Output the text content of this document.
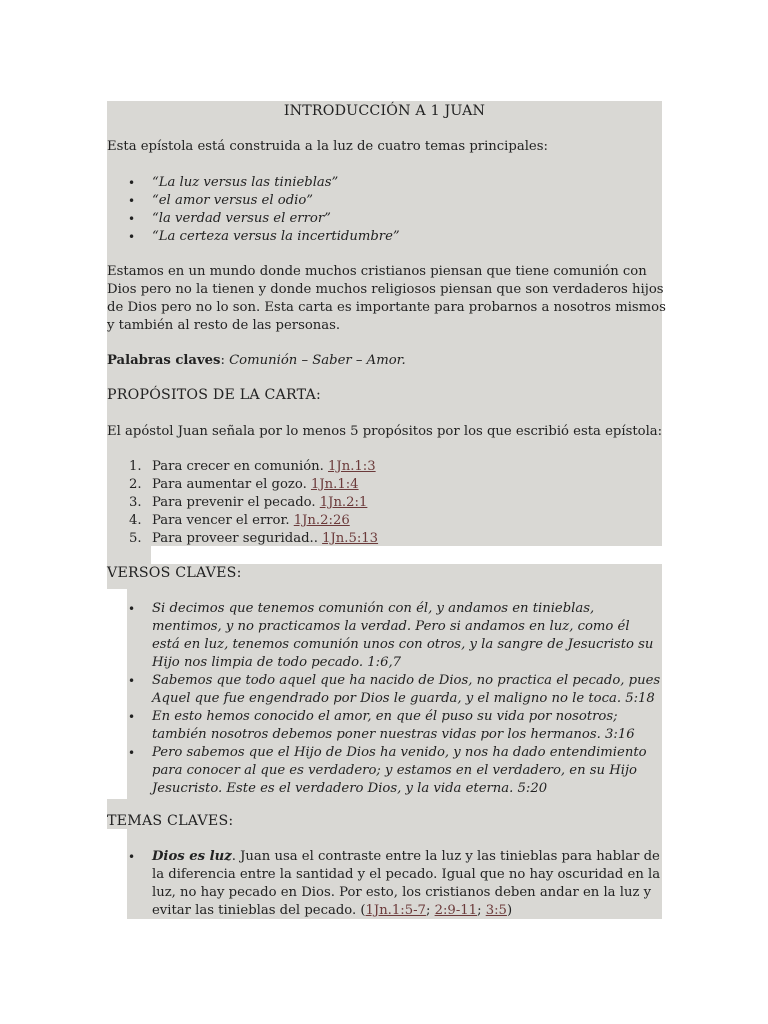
INTRODUCCIÓN A 1 JUAN
Esta epístola está construida a la luz de cuatro temas principales:
• “La luz versus las tinieblas”
• “el amor versus el odio”
• “la verdad versus el error”
• “La certeza versus la incertidumbre”
Estamos en un mundo donde muchos cristianos piensan que tiene comunión con
Dios pero no la tienen y donde muchos religiosos piensan que son verdaderos hijos
de Dios pero no lo son. Esta carta es importante para probarnos a nosotros mismos
y también al resto de las personas.
Palabras claves: Comunión – Saber – Amor.
PROPÓSITOS DE LA CARTA:
El apóstol Juan señala por lo menos 5 propósitos por los que escribió esta epístola:
1. Para crecer en comunión. 1Jn.1:3
2. Para aumentar el gozo. 1Jn.1:4
3. Para prevenir el pecado. 1Jn.2:1
4. Para vencer el error. 1Jn.2:26
5. Para proveer seguridad.. 1Jn.5:13
VERSOS CLAVES:
• Si decimos que tenemos comunión con él, y andamos en tinieblas,
mentimos, y no practicamos la verdad. Pero si andamos en luz, como él
está en luz, tenemos comunión unos con otros, y la sangre de Jesucristo su
Hijo nos limpia de todo pecado. 1:6,7
• Sabemos que todo aquel que ha nacido de Dios, no practica el pecado, pues
Aquel que fue engendrado por Dios le guarda, y el maligno no le toca. 5:18
• En esto hemos conocido el amor, en que él puso su vida por nosotros;
también nosotros debemos poner nuestras vidas por los hermanos. 3:16
• Pero sabemos que el Hijo de Dios ha venido, y nos ha dado entendimiento
para conocer al que es verdadero; y estamos en el verdadero, en su Hijo
Jesucristo. Este es el verdadero Dios, y la vida eterna. 5:20
TEMAS CLAVES:
• Dios es luz. Juan usa el contraste entre la luz y las tinieblas para hablar de
la diferencia entre la santidad y el pecado. Igual que no hay oscuridad en la
luz, no hay pecado en Dios. Por esto, los cristianos deben andar en la luz y
evitar las tinieblas del pecado. (1Jn.1:5-7; 2:9-11; 3:5)
